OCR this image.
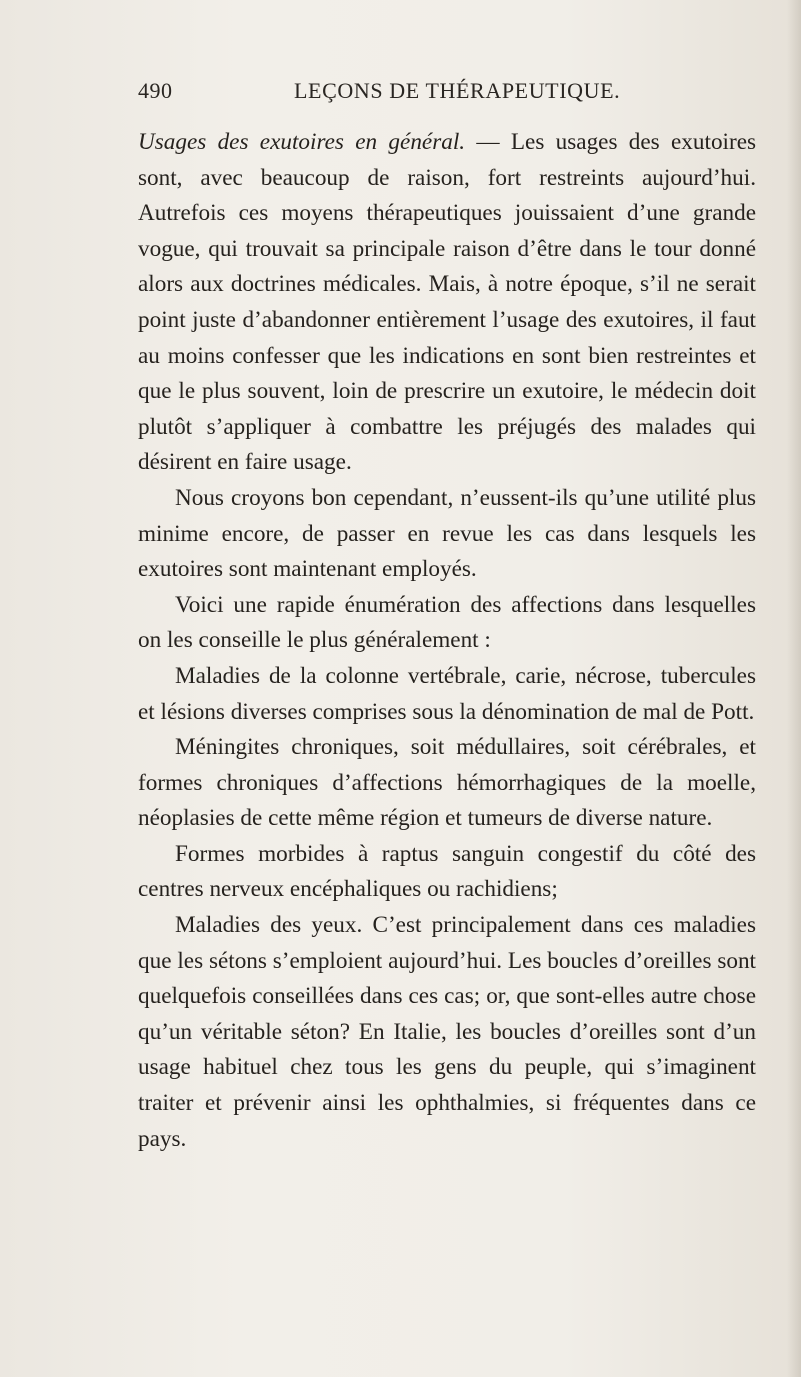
490	LEÇONS DE THÉRAPEUTIQUE.

Usages des exutoires en général. — Les usages des exutoires sont, avec beaucoup de raison, fort restreints aujourd’hui. Autrefois ces moyens thérapeutiques jouissaient d’une grande vogue, qui trouvait sa principale raison d’être dans le tour donné alors aux doctrines médicales. Mais, à notre époque, s’il ne serait point juste d’abandonner entièrement l’usage des exutoires, il faut au moins confesser que les indications en sont bien restreintes et que le plus souvent, loin de prescrire un exutoire, le médecin doit plutôt s’appliquer à combattre les préjugés des malades qui désirent en faire usage.

Nous croyons bon cependant, n’eussent-ils qu’une utilité plus minime encore, de passer en revue les cas dans lesquels les exutoires sont maintenant employés.

Voici une rapide énumération des affections dans lesquelles on les conseille le plus généralement :

Maladies de la colonne vertébrale, carie, nécrose, tubercules et lésions diverses comprises sous la dénomination de mal de Pott.

Méningites chroniques, soit médullaires, soit cérébrales, et formes chroniques d’affections hémorrhagiques de la moelle, néoplasies de cette même région et tumeurs de diverse nature.

Formes morbides à raptus sanguin congestif du côté des centres nerveux encéphaliques ou rachidiens;

Maladies des yeux. C’est principalement dans ces maladies que les sétons s’emploient aujourd’hui. Les boucles d’oreilles sont quelquefois conseillées dans ces cas; or, que sont-elles autre chose qu’un véritable séton? En Italie, les boucles d’oreilles sont d’un usage habituel chez tous les gens du peuple, qui s’imaginent traiter et prévenir ainsi les ophthalmies, si fréquentes dans ce pays.
